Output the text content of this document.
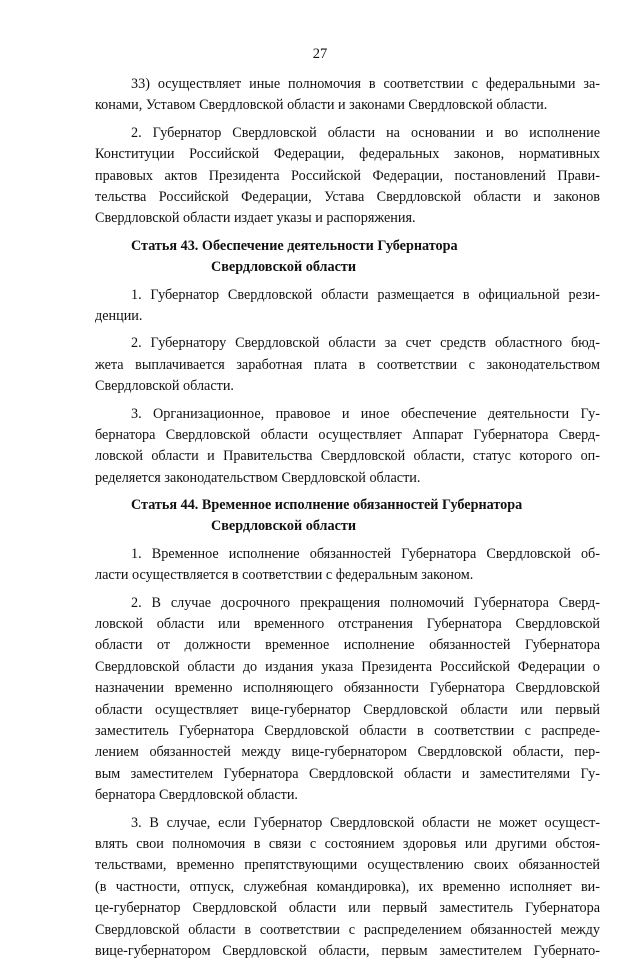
27
33) осуществляет иные полномочия в соответствии с федеральными за-
конами, Уставом Свердловской области и законами Свердловской области.
2. Губернатор Свердловской области на основании и во исполнение
Конституции Российской Федерации, федеральных законов, нормативных
правовых актов Президента Российской Федерации, постановлений Прави-
тельства Российской Федерации, Устава Свердловской области и законов
Свердловской области издает указы и распоряжения.
Статья 43. Обеспечение деятельности Губернатора
Свердловской области
1. Губернатор Свердловской области размещается в официальной рези-
денции.
2. Губернатору Свердловской области за счет средств областного бюд-
жета выплачивается заработная плата в соответствии с законодательством
Свердловской области.
3. Организационное, правовое и иное обеспечение деятельности Гу-
бернатора Свердловской области осуществляет Аппарат Губернатора Сверд-
ловской области и Правительства Свердловской области, статус которого оп-
ределяется законодательством Свердловской области.
Статья 44. Временное исполнение обязанностей Губернатора
Свердловской области
1. Временное исполнение обязанностей Губернатора Свердловской об-
ласти осуществляется в соответствии с федеральным законом.
2. В случае досрочного прекращения полномочий Губернатора Сверд-
ловской области или временного отстранения Губернатора Свердловской
области от должности временное исполнение обязанностей Губернатора
Свердловской области до издания указа Президента Российской Федерации о
назначении временно исполняющего обязанности Губернатора Свердловской
области осуществляет вице-губернатор Свердловской области или первый
заместитель Губернатора Свердловской области в соответствии с распреде-
лением обязанностей между вице-губернатором Свердловской области, пер-
вым заместителем Губернатора Свердловской области и заместителями Гу-
бернатора Свердловской области.
3. В случае, если Губернатор Свердловской области не может осущест-
влять свои полномочия в связи с состоянием здоровья или другими обстоя-
тельствами, временно препятствующими осуществлению своих обязанностей
(в частности, отпуск, служебная командировка), их временно исполняет ви-
це-губернатор Свердловской области или первый заместитель Губернатора
Свердловской области в соответствии с распределением обязанностей между
вице-губернатором Свердловской области, первым заместителем Губернато-
